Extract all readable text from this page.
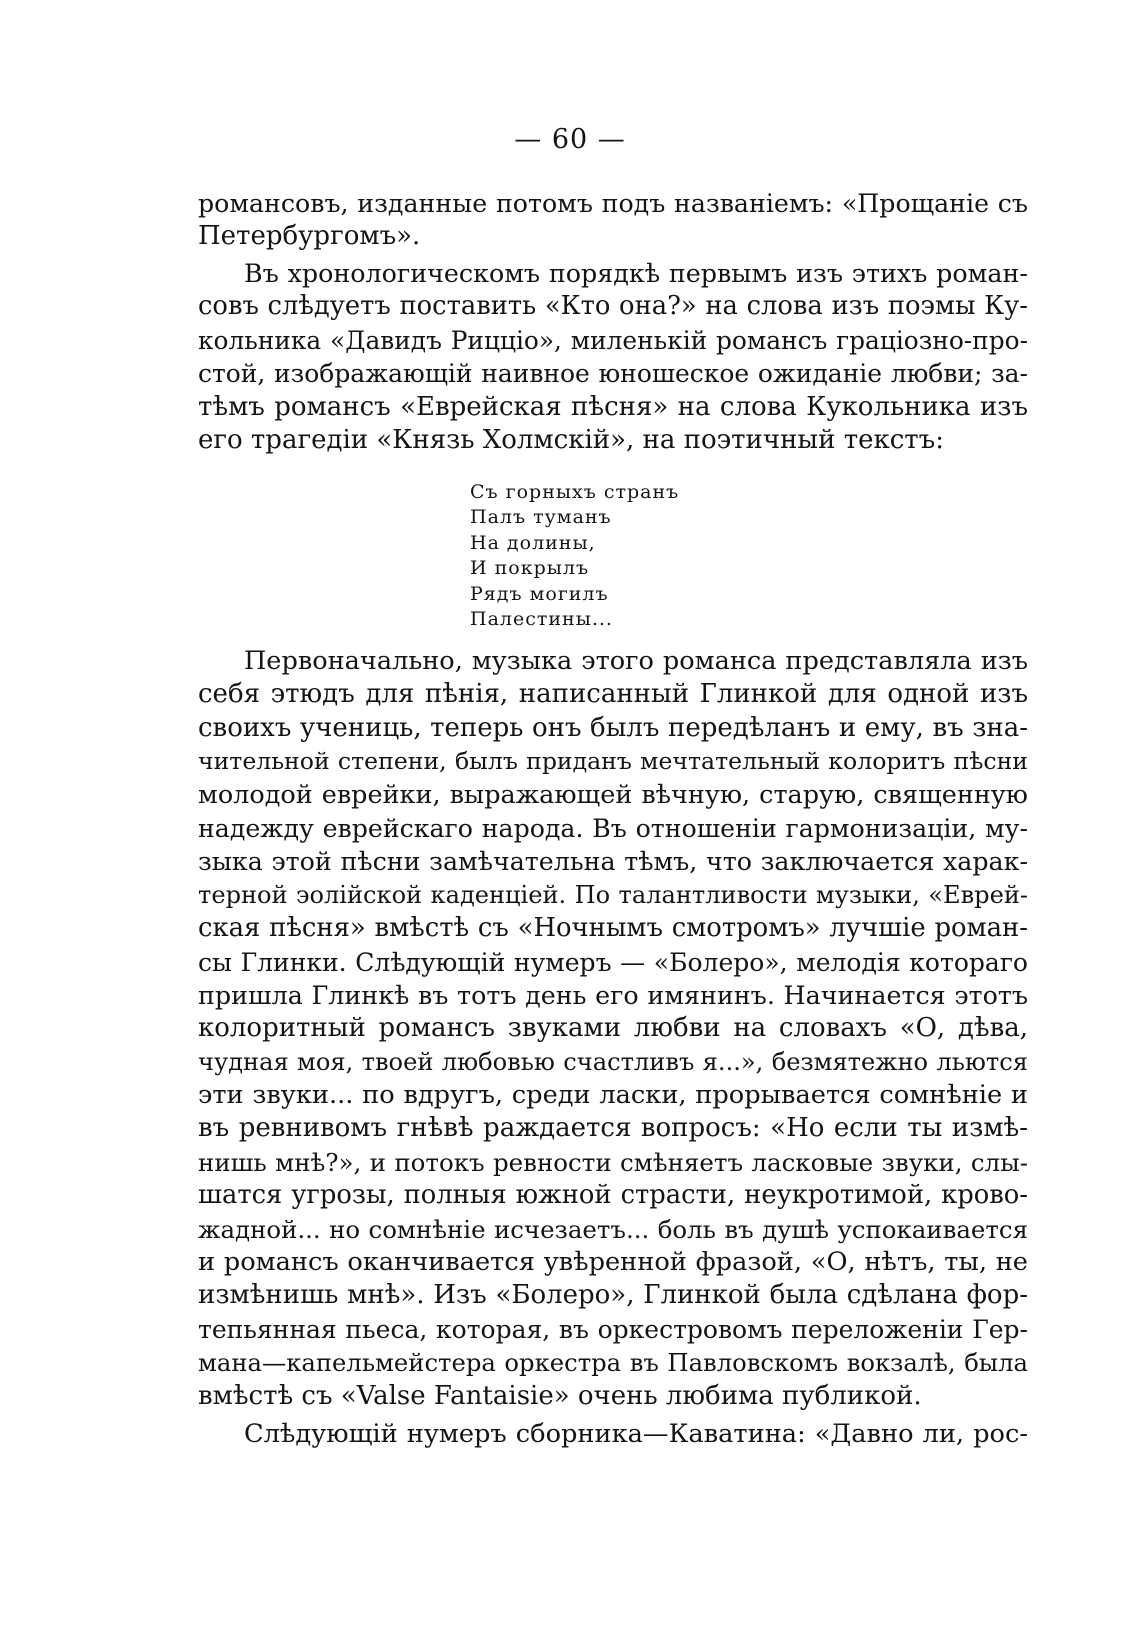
— 60 —
романсовъ, изданные потомъ подъ названіемъ: «Прощаніе съ
Петербургомъ».
Въ хронологическомъ порядкѣ первымъ изъ этихъ роман-
совъ слѣдуетъ поставить «Кто она?» на слова изъ поэмы Ку-
кольника «Давидъ Рицціо», миленькій романсъ граціозно-про-
стой, изображающій наивное юношеское ожиданіе любви; за-
тѣмъ романсъ «Еврейская пѣсня» на слова Кукольника изъ
его трагедіи «Князь Холмскій», на поэтичный текстъ:
Съ горныхъ странъ
Палъ туманъ
На долины,
И покрылъ
Рядъ могилъ
Палестины...
Первоначально, музыка этого романса представляла изъ
себя этюдъ для пѣнія, написанный Глинкой для одной изъ
своихъ учениць, теперь онъ былъ передѣланъ и ему, въ зна-
чительной степени, былъ приданъ мечтательный колоритъ пѣсни
молодой еврейки, выражающей вѣчную, старую, священную
надежду еврейскаго народа. Въ отношеніи гармонизаціи, му-
зыка этой пѣсни замѣчательна тѣмъ, что заключается харак-
терной эолійской каденціей. По талантливости музыки, «Еврей-
ская пѣсня» вмѣстѣ съ «Ночнымъ смотромъ» лучшіе роман-
сы Глинки. Слѣдующій нумеръ — «Болеро», мелодія котораго
пришла Глинкѣ въ тотъ день его имянинъ. Начинается этотъ
колоритный романсъ звуками любви на словахъ «О, дѣва,
чудная моя, твоей любовью счастливъ я...», безмятежно льются
эти звуки... по вдругъ, среди ласки, прорывается сомнѣніе и
въ ревнивомъ гнѣвѣ раждается вопросъ: «Но если ты измѣ-
нишь мнѣ?», и потокъ ревности смѣняетъ ласковые звуки, слы-
шатся угрозы, полныя южной страсти, неукротимой, крово-
жадной... но сомнѣніе исчезаетъ... боль въ душѣ успокаивается
и романсъ оканчивается увѣренной фразой, «О, нѣтъ, ты, не
измѣнишь мнѣ». Изъ «Болеро», Глинкой была сдѣлана фор-
тепьянная пьеса, которая, въ оркестровомъ переложеніи Гер-
мана—капельмейстера оркестра въ Павловскомъ вокзалѣ, была
вмѣстѣ съ «Valse Fantaisie» очень любима публикой.
Слѣдующій нумеръ сборника—Каватина: «Давно ли, рос-
